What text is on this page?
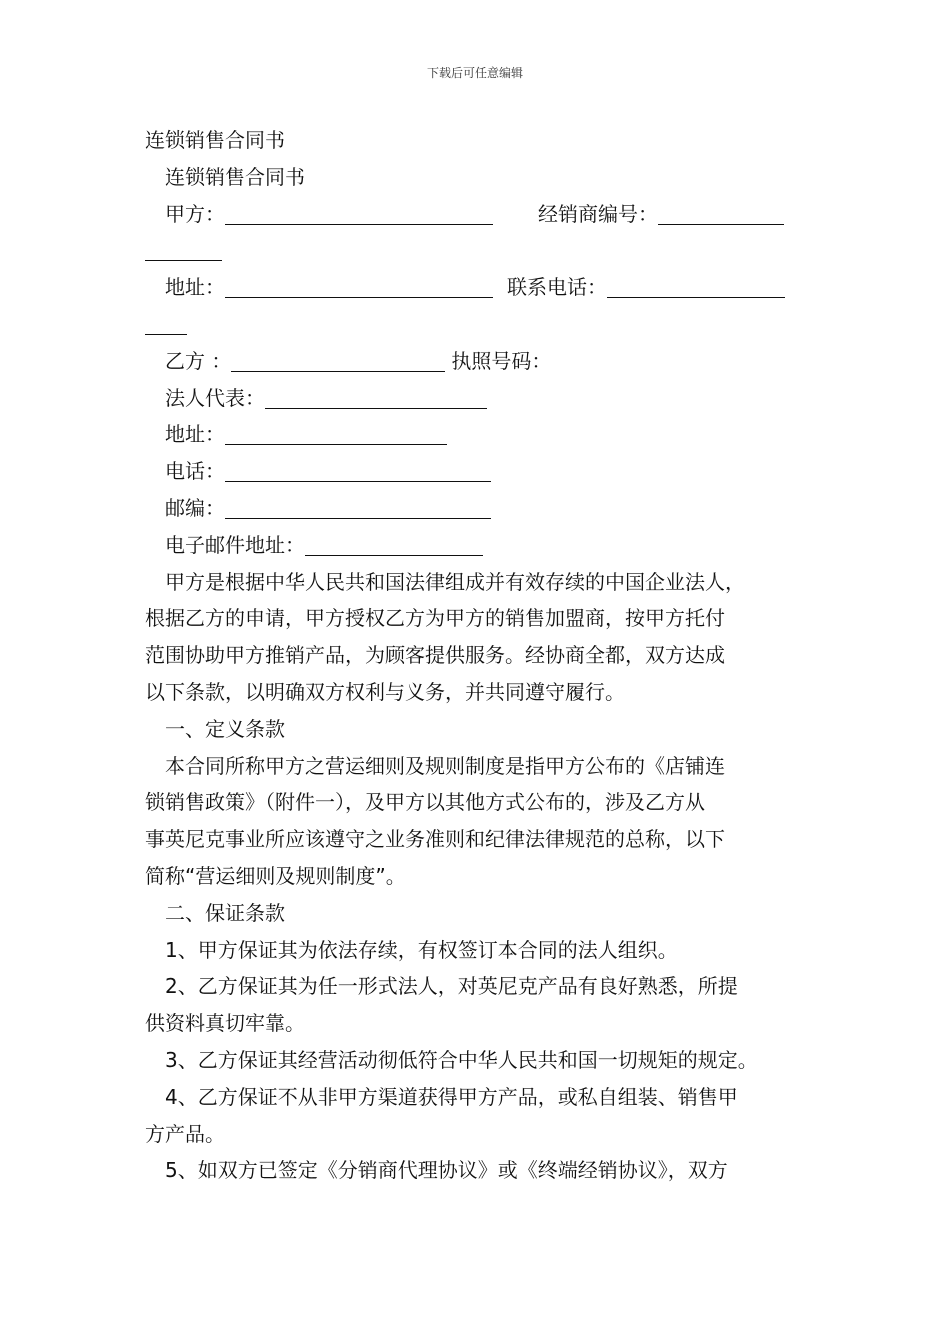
下载后可任意编辑
连锁销售合同书
连锁销售合同书
甲方：	经销商编号：
地址：	联系电话：
乙方 ：	执照号码：
法人代表：
地址：
电话：
邮编：
电子邮件地址：
甲方是根据中华人民共和国法律组成并有效存续的中国企业法人，
根据乙方的申请，甲方授权乙方为甲方的销售加盟商，按甲方托付
范围协助甲方推销产品，为顾客提供服务。经协商全都，双方达成
以下条款，以明确双方权利与义务，并共同遵守履行。
一、定义条款
本合同所称甲方之营运细则及规则制度是指甲方公布的《店铺连
锁销售政策》（附件一），及甲方以其他方式公布的，涉及乙方从
事英尼克事业所应该遵守之业务准则和纪律法律规范的总称，以下
简称“营运细则及规则制度”。
二、保证条款
1、甲方保证其为依法存续，有权签订本合同的法人组织。
2、乙方保证其为任一形式法人，对英尼克产品有良好熟悉，所提
供资料真切牢靠。
3、乙方保证其经营活动彻低符合中华人民共和国一切规矩的规定。
4、乙方保证不从非甲方渠道获得甲方产品，或私自组装、销售甲
方产品。
5、如双方已签定《分销商代理协议》或《终端经销协议》，双方
